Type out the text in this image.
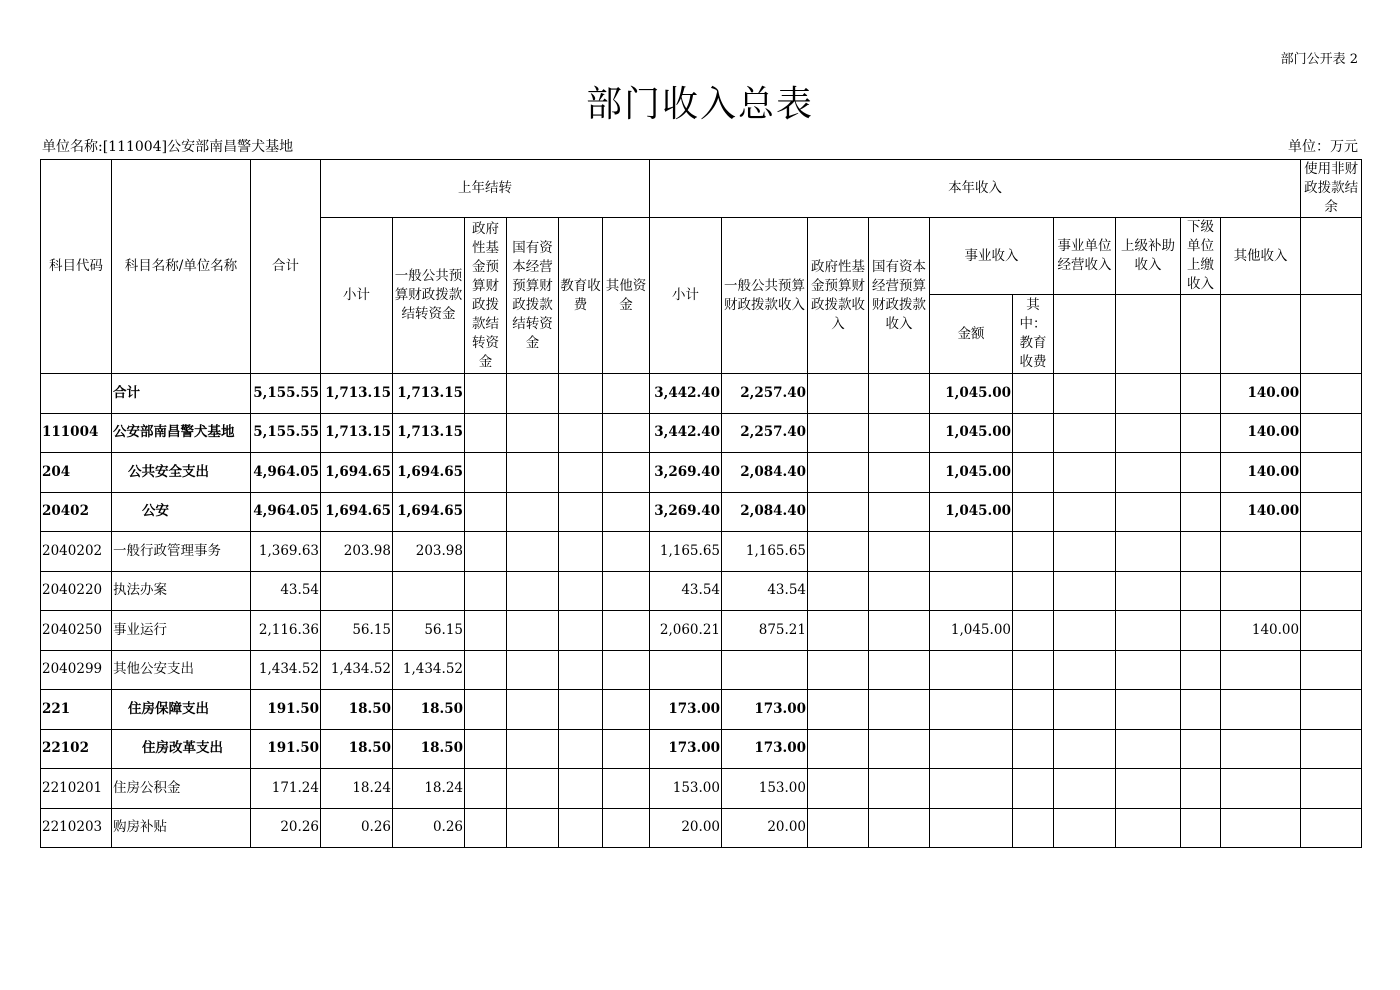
部门公开表 2
部门收入总表
单位名称:[111004]公安部南昌警犬基地	单位：万元
科目代码	科目名称/单位名称	合计	上年结转						本年收入										使用非财政拨款结余
			小计	一般公共预算财政拨款结转资金	政府性基金预算财政拨款结转资金	国有资本经营预算财政拨款结转资金	教育收费	其他资金	小计	一般公共预算财政拨款收入	政府性基金预算财政拨款收入	国有资本经营预算财政拨款收入	事业收入		事业单位经营收入	上级补助收入	下级单位上缴收入	其他收入	
													金额	其中：教育收费					
	合计	5,155.55	1,713.15	1,713.15					3,442.40	2,257.40			1,045.00					140.00	
111004	公安部南昌警犬基地	5,155.55	1,713.15	1,713.15					3,442.40	2,257.40			1,045.00					140.00	
204	公共安全支出	4,964.05	1,694.65	1,694.65					3,269.40	2,084.40			1,045.00					140.00	
20402	公安	4,964.05	1,694.65	1,694.65					3,269.40	2,084.40			1,045.00					140.00	
2040202	一般行政管理事务	1,369.63	203.98	203.98					1,165.65	1,165.65									
2040220	执法办案	43.54							43.54	43.54									
2040250	事业运行	2,116.36	56.15	56.15					2,060.21	875.21			1,045.00					140.00	
2040299	其他公安支出	1,434.52	1,434.52	1,434.52															
221	住房保障支出	191.50	18.50	18.50					173.00	173.00									
22102	住房改革支出	191.50	18.50	18.50					173.00	173.00									
2210201	住房公积金	171.24	18.24	18.24					153.00	153.00									
2210203	购房补贴	20.26	0.26	0.26					20.00	20.00									
